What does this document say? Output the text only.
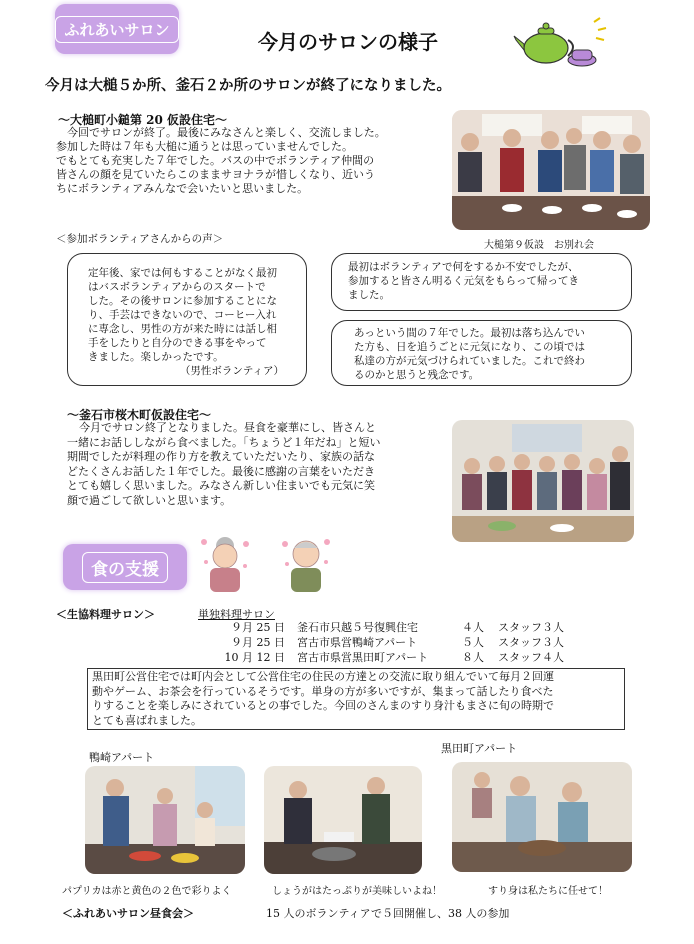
ふれあいサロン
今月のサロンの様子
今月は大槌５か所、釜石２か所のサロンが終了になりました。
～大槌町小鎚第 20 仮設住宅～
今回でサロンが終了。最後にみなさんと楽しく、交流しました。
参加した時は７年も大槌に通うとは思っていませんでした。
でもとても充実した７年でした。バスの中でボランティア仲間の
皆さんの顔を見ていたらこのままサヨナラが惜しくなり、近いう
ちにボランティアみんなで会いたいと思いました。
大槌第９仮設　お別れ会
＜参加ボランティアさんからの声＞
定年後、家では何もすることがなく最初
はバスボランティアからのスタートで
した。その後サロンに参加することにな
り、手芸はできないので、コーヒー入れ
に専念し、男性の方が来た時には話し相
手をしたりと自分のできる事をやって
きました。楽しかったです。
（男性ボランティア）
最初はボランティアで何をするか不安でしたが、
参加すると皆さん明るく元気をもらって帰ってき
ました。
あっという間の７年でした。最初は落ち込んでい
た方も、日を追うごとに元気になり、この頃では
私達の方が元気づけられていました。これで終わ
るのかと思うと残念です。
～釜石市桜木町仮設住宅～
今月でサロン終了となりました。昼食を豪華にし、皆さんと
一緒にお話ししながら食べました。「ちょうど１年だね」と短い
期間でしたが料理の作り方を教えていただいたり、家族の話な
どたくさんお話した１年でした。最後に感謝の言葉をいただき
とても嬉しく思いました。みなさん新しい住まいでも元気に笑
顔で過ごして欲しいと思います。
食の支援
＜生協料理サロン＞	単独料理サロン
９月 25 日	釜石市只越５号復興住宅	４人	スタッフ３人
９月 25 日	宮古市県営鴨崎アパート	５人	スタッフ３人
10 月 12 日	宮古市県営黒田町アパート	８人	スタッフ４人
黒田町公営住宅では町内会として公営住宅の住民の方達との交流に取り組んでいて毎月２回運
動やゲーム、お茶会を行っているそうです。単身の方が多いですが、集まって話したり食べた
りすることを楽しみにされているとの事でした。今回のさんまのすり身汁もまさに旬の時期で
とても喜ばれました。
鴨崎アパート
黒田町アパート
パプリカは赤と黄色の２色で彩りよく	しょうがはたっぷりが美味しいよね！	すり身は私たちに任せて！
＜ふれあいサロン昼食会＞	15 人のボランティアで５回開催し、38 人の参加
